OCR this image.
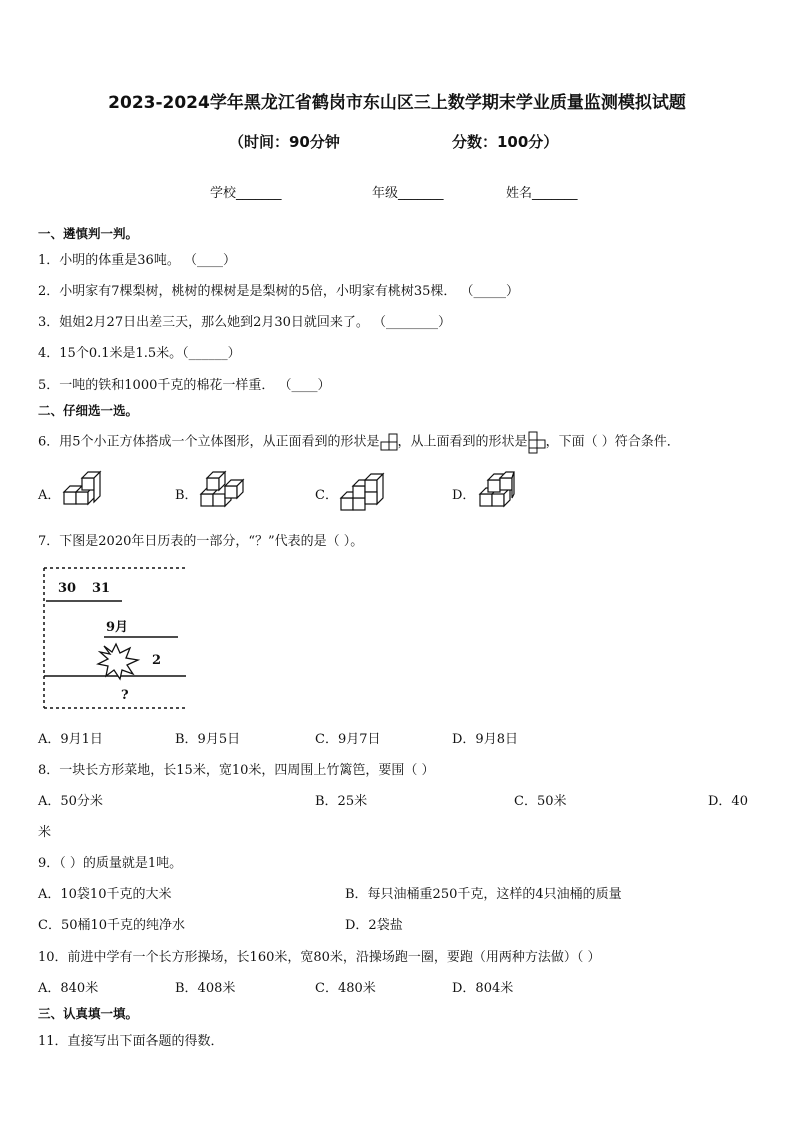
2023-2024学年黑龙江省鹤岗市东山区三上数学期末学业质量监测模拟试题
（时间：90分钟	分数：100分）
学校_______	年级_______	姓名_______
一、遴慎判一判。
1．小明的体重是36吨。 （____）
2．小明家有7棵梨树，桃树的棵树是是梨树的5倍，小明家有桃树35棵． （_____）
3．姐姐2月27日出差三天，那么她到2月30日就回来了。 （________）
4．15个0.1米是1.5米。（______）
5．一吨的铁和1000千克的棉花一样重． （____）
二、仔细选一选。
6．用5个小正方体搭成一个立体图形，从正面看到的形状是 ，从上面看到的形状是 ，下面（ ）符合条件．
A．	B．	C．	D．
7．下图是2020年日历表的一部分，“？”代表的是（ ）。
30 31
9月
2
?
A．9月1日	B．9月5日	C．9月7日	D．9月8日
8．一块长方形菜地，长15米，宽10米，四周围上竹篱笆，要围（ ）
A．50分米	B．25米	C．50米	D．40
米
9．（ ）的质量就是1吨。
A．10袋10千克的大米	B．每只油桶重250千克，这样的4只油桶的质量
C．50桶10千克的纯净水	D．2袋盐
10．前进中学有一个长方形操场，长160米，宽80米，沿操场跑一圈，要跑（用两种方法做）（ ）
A．840米	B．408米	C．480米	D．804米
三、认真填一填。
11．直接写出下面各题的得数．
